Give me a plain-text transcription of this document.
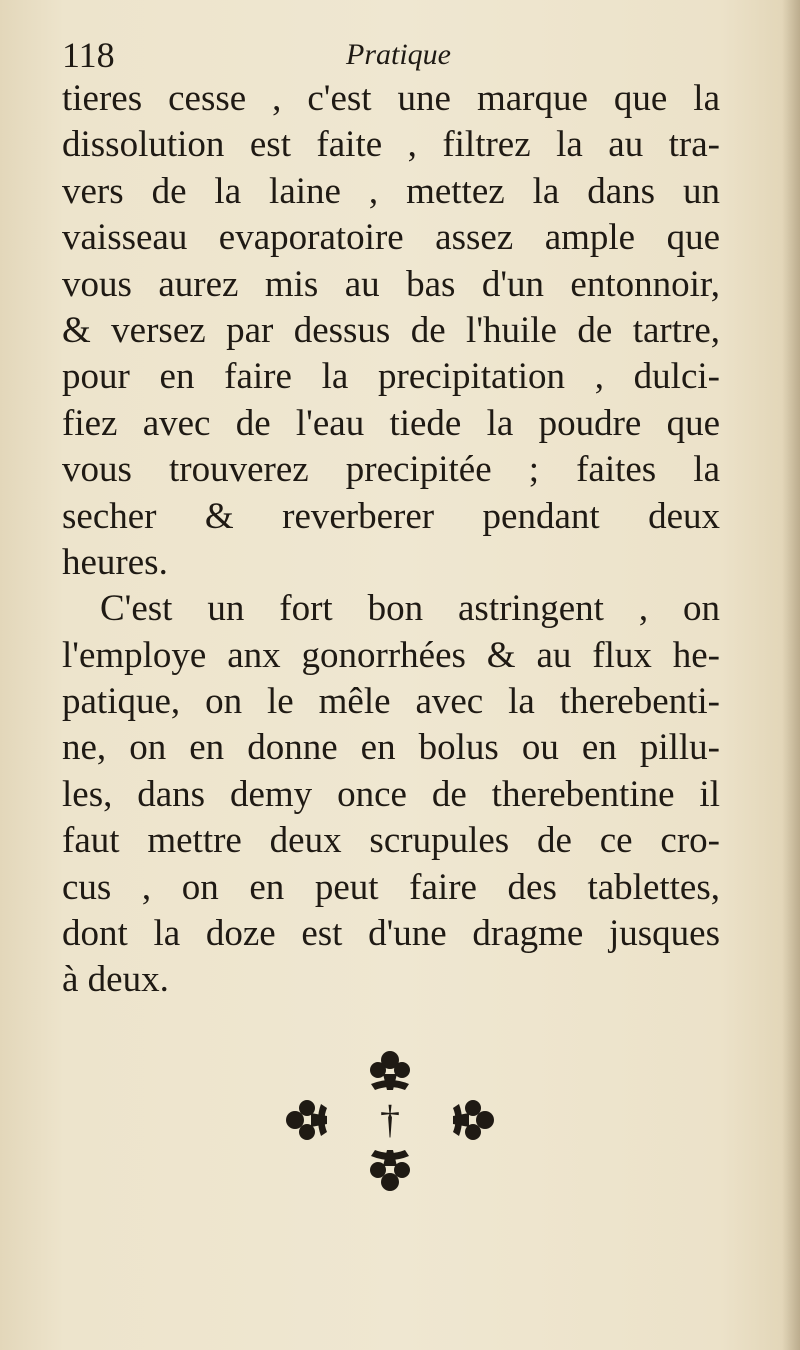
118	Pratique
tieres cesse , c'est une marque que la
dissolution est faite , filtrez la au tra-
vers de la laine , mettez la dans un
vaisseau evaporatoire assez ample que
vous aurez mis au bas d'un entonnoir,
& versez par dessus de l'huile de tartre,
pour en faire la precipitation , dulci-
fiez avec de l'eau tiede la poudre que
vous trouverez precipitée ; faites la
secher & reverberer pendant deux
heures.
C'est un fort bon astringent , on
l'employe anx gonorrhées & au flux he-
patique, on le mêle avec la therebenti-
ne, on en donne en bolus ou en pillu-
les, dans demy once de therebentine il
faut mettre deux scrupules de ce cro-
cus , on en peut faire des tablettes,
dont la doze est d'une dragme jusques
à deux.
†
